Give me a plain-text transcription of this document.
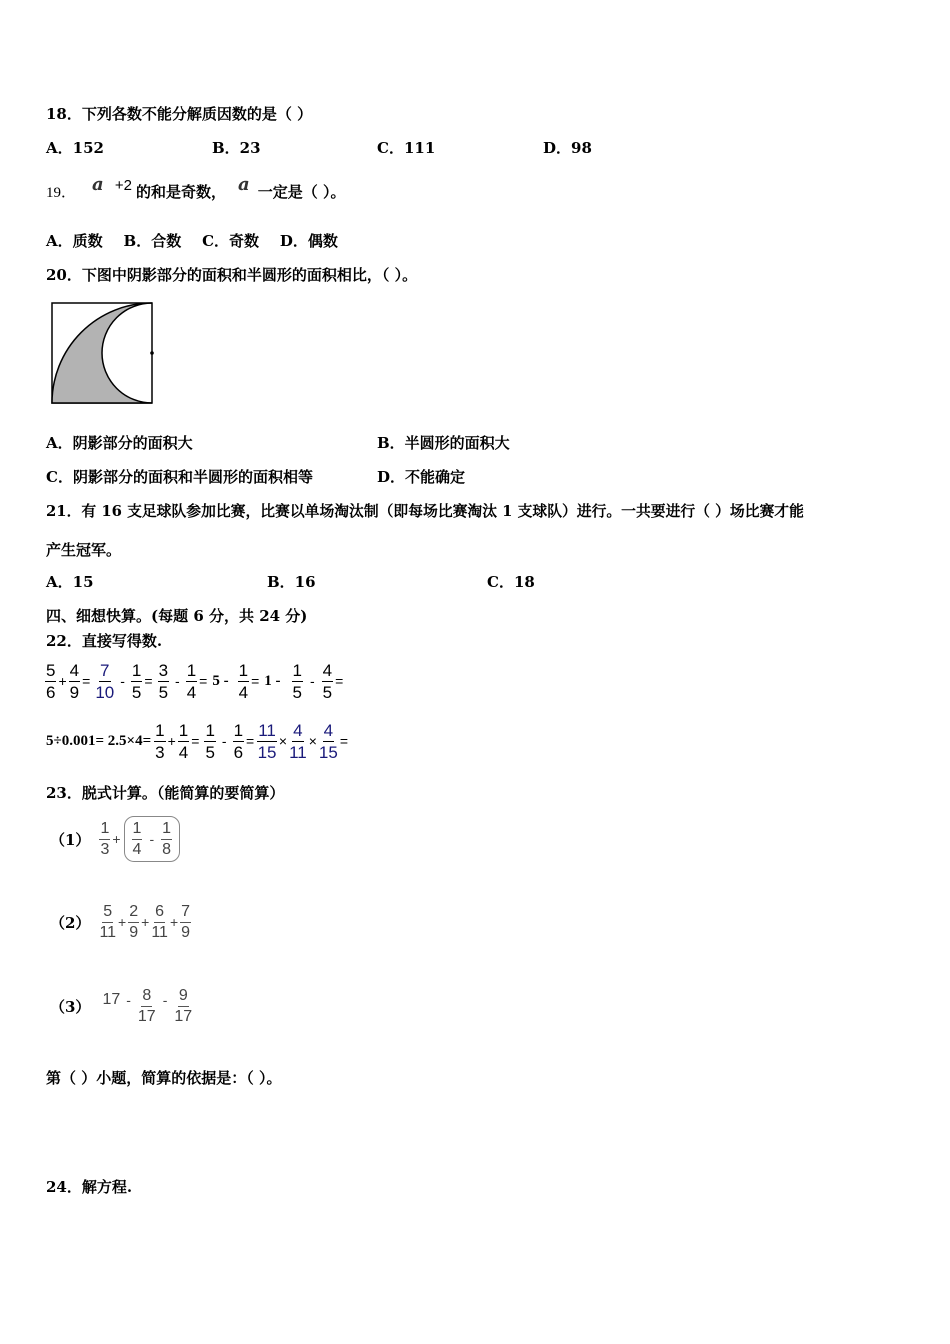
18．下列各数不能分解质因数的是（ ）
A．152	B．23	C．111	D．98
19． a +2 的和是奇数， a 一定是（ ）。
A．质数    B．合数    C．奇数    D．偶数
20．下图中阴影部分的面积和半圆形的面积相比，（ ）。
A．阴影部分的面积大	B．半圆形的面积大
C．阴影部分的面积和半圆形的面积相等	D．不能确定
21．有 16 支足球队参加比赛，比赛以单场淘汰制（即每场比赛淘汰 1 支球队）进行。一共要进行（ ）场比赛才能
产生冠军。
A．15	B．16	C．18
四、细想快算。(每题 6 分，共 24 分)
22．直接写得数.
$\frac{5}{6} + \frac{4}{9} = \frac{7}{10} - \frac{1}{5} = \frac{3}{5} - \frac{1}{4} = 5 - \frac{1}{4} = 1 - \frac{1}{5} - \frac{4}{5}$ =
$5\div 0.001= 2.5\times 4= \frac{1}{3} + \frac{1}{4} = \frac{1}{5} - \frac{1}{6} = \frac{11}{15} \times \frac{4}{11} \times \frac{4}{15}$ =
23．脱式计算。（能简算的要简算）
$(1) \frac{1}{3} + \frac{1}{4} - \frac{1}{8}$
$(2) \frac{5}{11} + \frac{2}{9} + \frac{6}{11} + \frac{7}{9}$
（3） $17 - \frac{8}{17} - \frac{9}{17}$
第（ ）小题，简算的依据是：（ ）。
24．解方程.
